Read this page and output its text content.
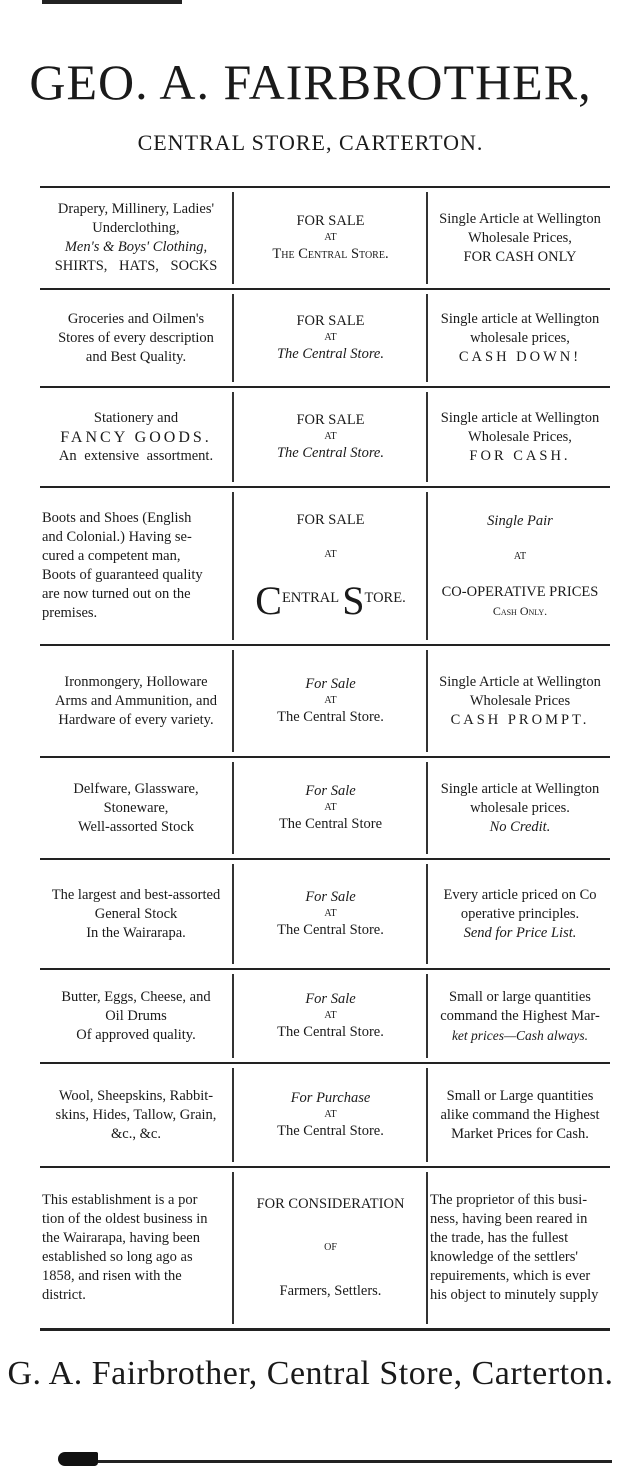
GEO. A. FAIRBROTHER,
CENTRAL STORE, CARTERTON.
Drapery, Millinery, Ladies'
Underclothing,
Men's & Boys' Clothing,
SHIRTS, HATS, SOCKS
FOR SALE
AT
The Central Store.
Single Article at Wellington
Wholesale Prices,
FOR CASH ONLY
Groceries and Oilmen's
Stores of every description
and Best Quality.
FOR SALE
AT
The Central Store.
Single article at Wellington
wholesale prices,
CASH DOWN!
Stationery and
FANCY GOODS.
An extensive assortment.
FOR SALE
AT
The Central Store.
Single article at Wellington
Wholesale Prices,
FOR CASH.
Boots and Shoes (English
and Colonial.) Having se-
cured a competent man,
Boots of guaranteed quality
are now turned out on the
premises.
FOR SALE
AT
CENTRAL STORE.
Single Pair
AT
CO-OPERATIVE PRICES
Cash Only.
Ironmongery, Holloware
Arms and Ammunition, and
Hardware of every variety.
For Sale
AT
The Central Store.
Single Article at Wellington
Wholesale Prices
CASH PROMPT.
Delfware, Glassware,
Stoneware,
Well-assorted Stock
For Sale
AT
The Central Store
Single article at Wellington
wholesale prices.
No Credit.
The largest and best-assorted
General Stock
In the Wairarapa.
For Sale
AT
The Central Store.
Every article priced on Co
operative principles.
Send for Price List.
Butter, Eggs, Cheese, and
Oil Drums
Of approved quality.
For Sale
AT
The Central Store.
Small or large quantities
command the Highest Mar-
ket prices—Cash always.
Wool, Sheepskins, Rabbit-
skins, Hides, Tallow, Grain,
&c., &c.
For Purchase
AT
The Central Store.
Small or Large quantities
alike command the Highest
Market Prices for Cash.
This establishment is a por
tion of the oldest business in
the Wairarapa, having been
established so long ago as
1858, and risen with the
district.
FOR CONSIDERATION
OF
Farmers, Settlers.
The proprietor of this busi-
ness, having been reared in
the trade, has the fullest
knowledge of the settlers'
repuirements, which is ever
his object to minutely supply
G. A. Fairbrother, Central Store, Carterton.
